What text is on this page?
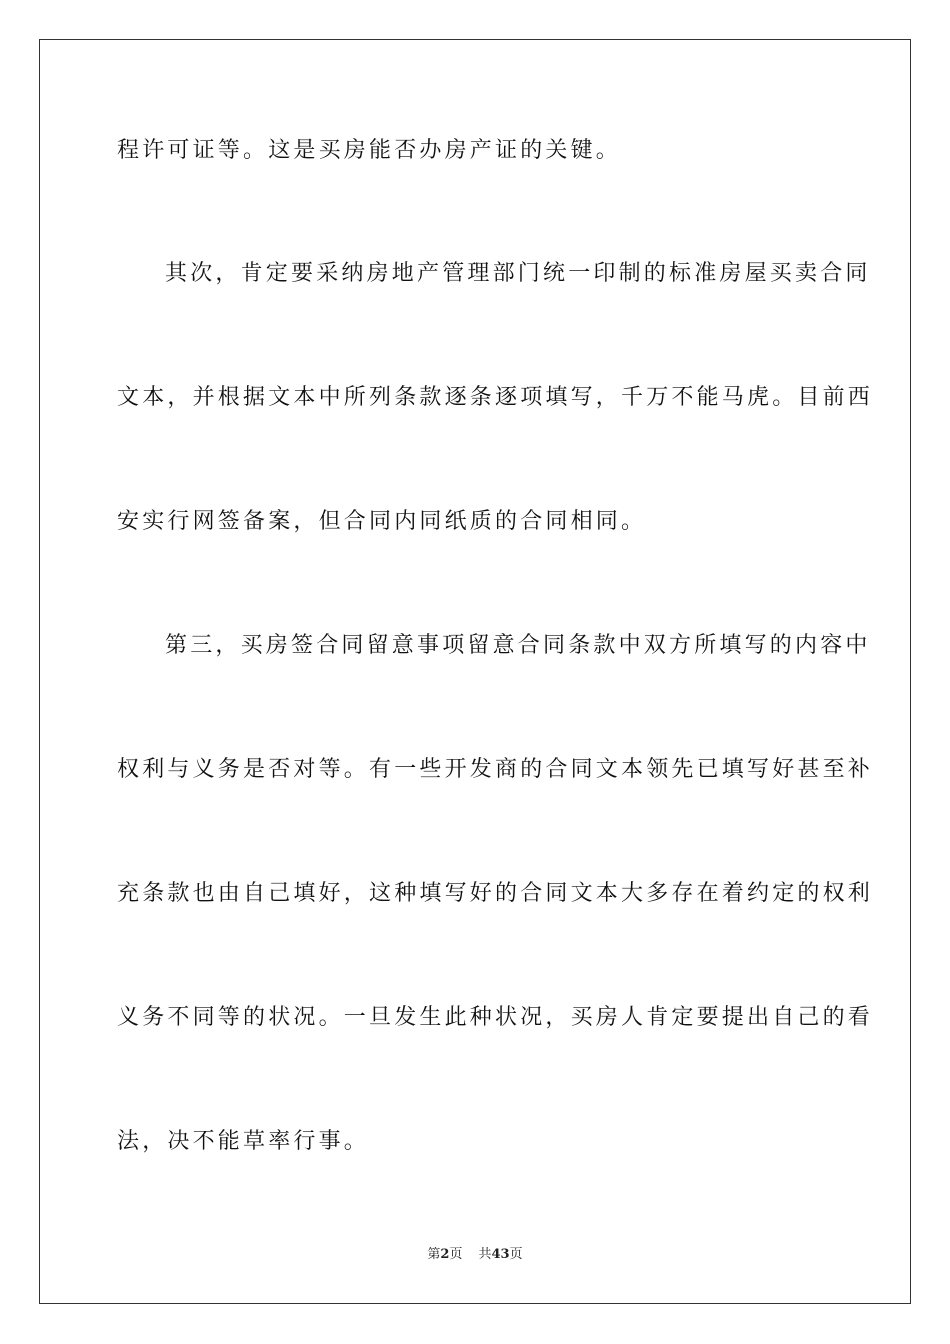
程许可证等。这是买房能否办房产证的关键。
其次，肯定要采纳房地产管理部门统一印制的标准房屋买卖合同
文本，并根据文本中所列条款逐条逐项填写，千万不能马虎。目前西
安实行网签备案，但合同内同纸质的合同相同。
第三，买房签合同留意事项留意合同条款中双方所填写的内容中
权利与义务是否对等。有一些开发商的合同文本领先已填写好甚至补
充条款也由自己填好，这种填写好的合同文本大多存在着约定的权利
义务不同等的状况。一旦发生此种状况，买房人肯定要提出自己的看
法，决不能草率行事。
第2页 共43页
